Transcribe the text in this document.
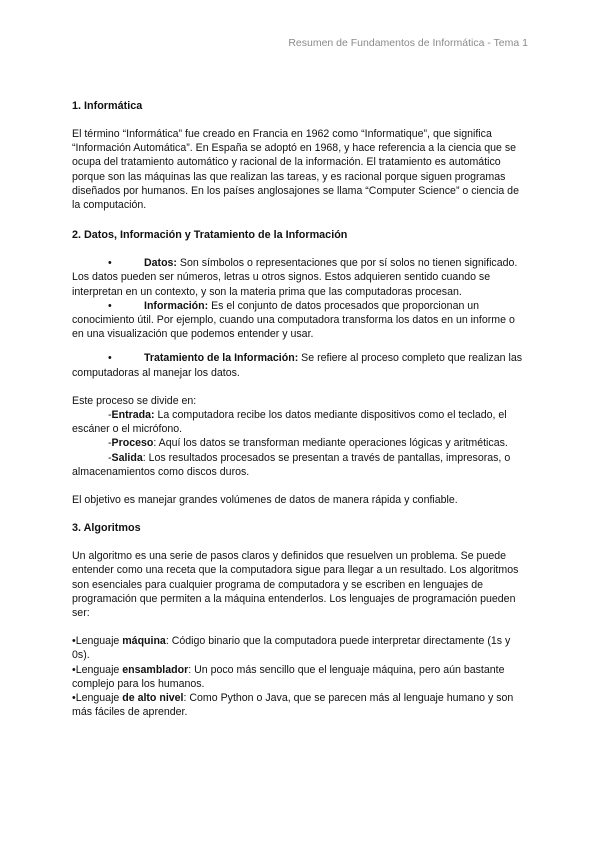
Resumen de Fundamentos de Informática - Tema 1
1. Informática

El término “Informática” fue creado en Francia en 1962 como “Informatique”, que significa “Información Automática”. En España se adoptó en 1968, y hace referencia a la ciencia que se ocupa del tratamiento automático y racional de la información. El tratamiento es automático porque son las máquinas las que realizan las tareas, y es racional porque siguen programas diseñados por humanos. En los países anglosajones se llama “Computer Science” o ciencia de la computación.

2. Datos, Información y Tratamiento de la Información

•	Datos: Son símbolos o representaciones que por sí solos no tienen significado. Los datos pueden ser números, letras u otros signos. Estos adquieren sentido cuando se interpretan en un contexto, y son la materia prima que las computadoras procesan.

•	Información: Es el conjunto de datos procesados que proporcionan un conocimiento útil. Por ejemplo, cuando una computadora transforma los datos en un informe o en una visualización que podemos entender y usar.

•	Tratamiento de la Información: Se refiere al proceso completo que realizan las computadoras al manejar los datos.

Este proceso se divide en:

-Entrada: La computadora recibe los datos mediante dispositivos como el teclado, el escáner o el micrófono.

-Proceso: Aquí los datos se transforman mediante operaciones lógicas y aritméticas.

-Salida: Los resultados procesados se presentan a través de pantallas, impresoras, o almacenamientos como discos duros.

El objetivo es manejar grandes volúmenes de datos de manera rápida y confiable.

3. Algoritmos

Un algoritmo es una serie de pasos claros y definidos que resuelven un problema. Se puede entender como una receta que la computadora sigue para llegar a un resultado. Los algoritmos son esenciales para cualquier programa de computadora y se escriben en lenguajes de programación que permiten a la máquina entenderlos. Los lenguajes de programación pueden ser:

•Lenguaje máquina: Código binario que la computadora puede interpretar directamente (1s y 0s).

•Lenguaje ensamblador: Un poco más sencillo que el lenguaje máquina, pero aún bastante complejo para los humanos.

•Lenguaje de alto nivel: Como Python o Java, que se parecen más al lenguaje humano y son más fáciles de aprender.
